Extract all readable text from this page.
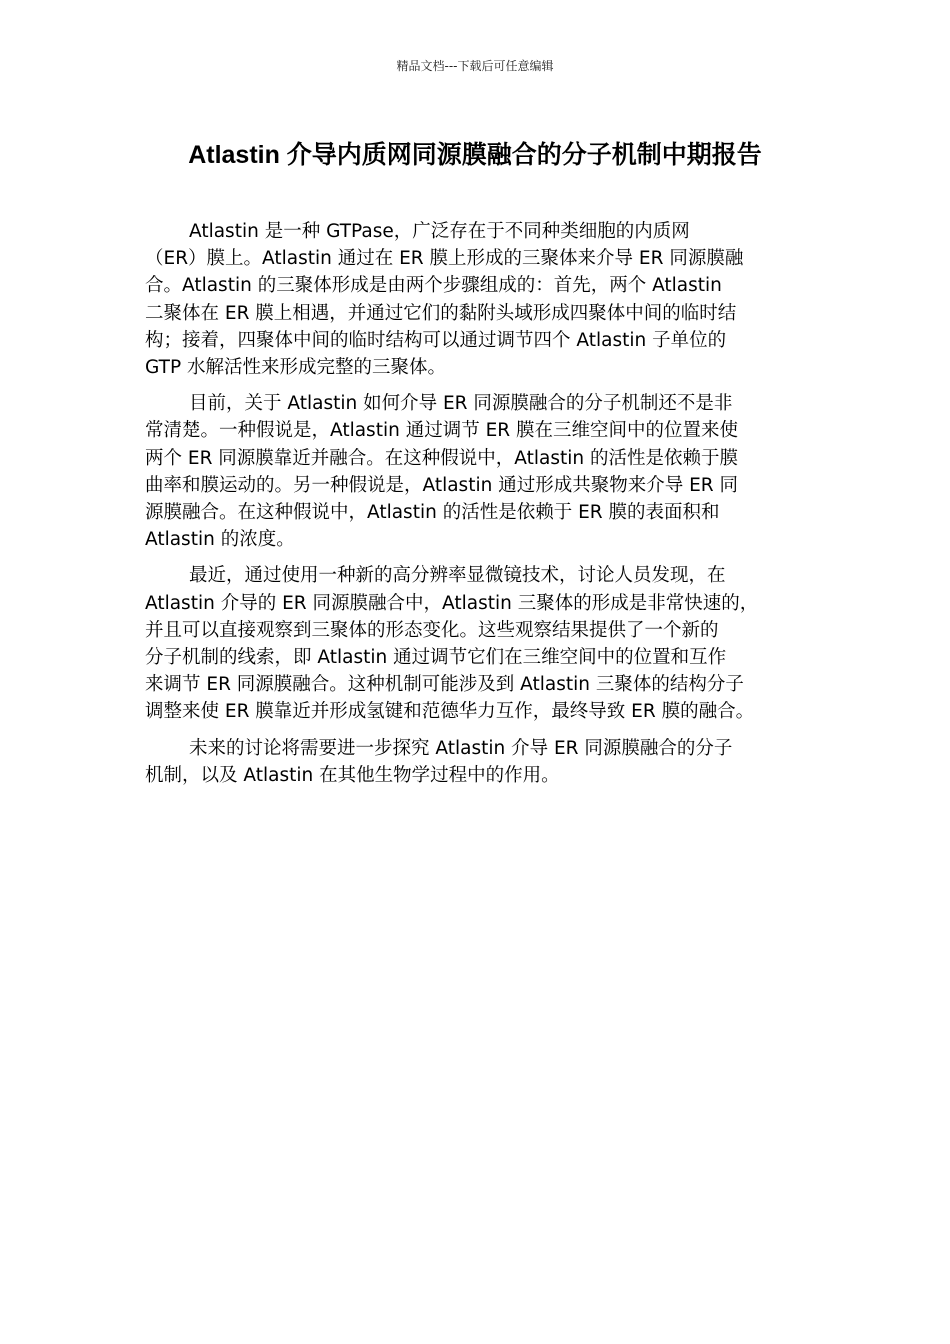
精品文档---下载后可任意编辑
Atlastin 介导内质网同源膜融合的分子机制中期报告

Atlastin 是一种 GTPase，广泛存在于不同种类细胞的内质网
（ER）膜上。Atlastin 通过在 ER 膜上形成的三聚体来介导 ER 同源膜融
合。Atlastin 的三聚体形成是由两个步骤组成的：首先，两个 Atlastin
二聚体在 ER 膜上相遇，并通过它们的黏附头域形成四聚体中间的临时结
构；接着，四聚体中间的临时结构可以通过调节四个 Atlastin 子单位的
GTP 水解活性来形成完整的三聚体。

目前，关于 Atlastin 如何介导 ER 同源膜融合的分子机制还不是非
常清楚。一种假说是，Atlastin 通过调节 ER 膜在三维空间中的位置来使
两个 ER 同源膜靠近并融合。在这种假说中，Atlastin 的活性是依赖于膜
曲率和膜运动的。另一种假说是，Atlastin 通过形成共聚物来介导 ER 同
源膜融合。在这种假说中，Atlastin 的活性是依赖于 ER 膜的表面积和
Atlastin 的浓度。

最近，通过使用一种新的高分辨率显微镜技术，讨论人员发现，在
Atlastin 介导的 ER 同源膜融合中，Atlastin 三聚体的形成是非常快速的，
并且可以直接观察到三聚体的形态变化。这些观察结果提供了一个新的
分子机制的线索，即 Atlastin 通过调节它们在三维空间中的位置和互作
来调节 ER 同源膜融合。这种机制可能涉及到 Atlastin 三聚体的结构分子
调整来使 ER 膜靠近并形成氢键和范德华力互作，最终导致 ER 膜的融合。

未来的讨论将需要进一步探究 Atlastin 介导 ER 同源膜融合的分子
机制，以及 Atlastin 在其他生物学过程中的作用。
